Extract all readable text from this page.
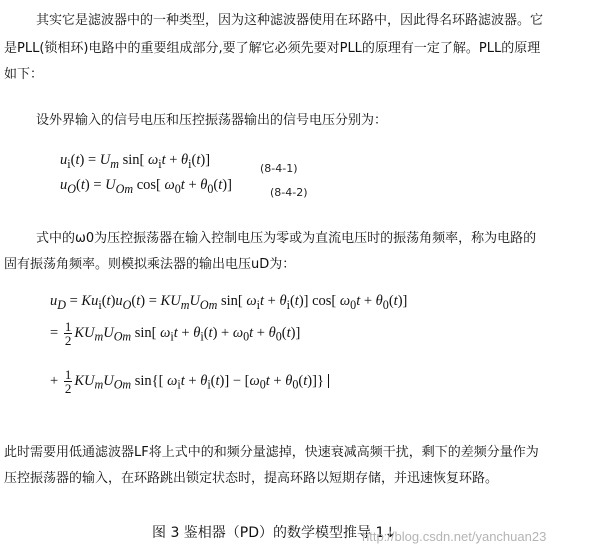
其实它是滤波器中的一种类型，因为这种滤波器使用在环路中，因此得名环路滤波器。它
是PLL(锁相环)电路中的重要组成部分,要了解它必须先要对PLL的原理有一定了解。PLL的原理
如下：
设外界输入的信号电压和压控振荡器输出的信号电压分别为：
$u_i(t) = U_m$ sin[ $\omega_it + \theta_i(t)$]
(8-4-1)
$u_O(t) = U_{Om}$ cos[ $\omega_0t + \theta_0(t)$]	(8-4-2)
式中的ω0为压控振荡器在输入控制电压为零或为直流电压时的振荡角频率，称为电路的
固有振荡角频率。则模拟乘法器的输出电压uD为：
$u_D = Ku_i(t)u_O(t) = KU_mU_{Om}$ sin[ $\omega_it + \theta_i(t)$] cos[ $\omega_0t + \theta_0(t)$]
= $\frac{1}{2} KU_mU_{Om}$ sin[ $\omega_it + \theta_i(t) + \omega_0t + \theta_0(t)$]
+ $\frac{1}{2} KU_mU_{Om}$ sin{[ $\omega_it + \theta_i(t)] - [\omega_0t + \theta_0(t)]$}
此时需要用低通滤波器LF将上式中的和频分量滤掉，快速衰减高频干扰，剩下的差频分量作为
压控振荡器的输入，在环路跳出锁定状态时，提高环路以短期存储，并迅速恢复环路。
图 3 鉴相器（PD）的数学模型推导 1↓
http://blog.csdn.net/yanchuan23
